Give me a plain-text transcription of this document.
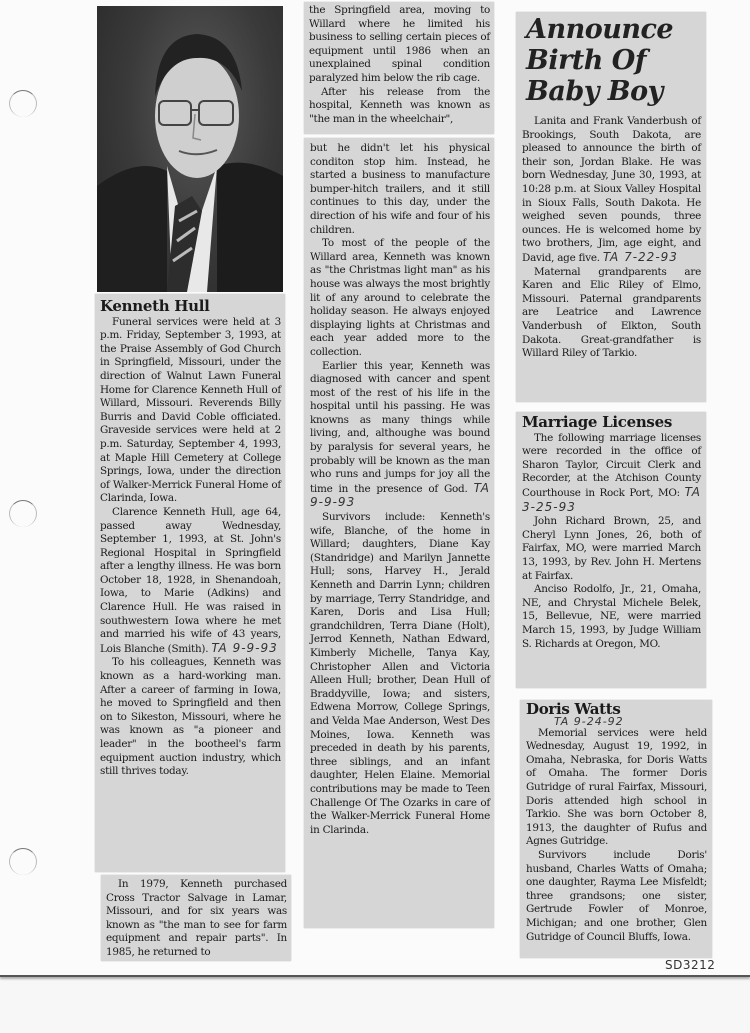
Kenneth Hull

Funeral services were held at 3 p.m. Friday, September 3, 1993, at the Praise Assembly of God Church in Springfield, Missouri, under the direction of Walnut Lawn Funeral Home for Clarence Kenneth Hull of Willard, Missouri. Reverends Billy Burris and David Coble officiated. Graveside services were held at 2 p.m. Saturday, September 4, 1993, at Maple Hill Cemetery at College Springs, Iowa, under the direction of Walker-Merrick Funeral Home of Clarinda, Iowa.

Clarence Kenneth Hull, age 64, passed away Wednesday, September 1, 1993, at St. John's Regional Hospital in Springfield after a lengthy illness. He was born October 18, 1928, in Shenandoah, Iowa, to Marie (Adkins) and Clarence Hull. He was raised in southwestern Iowa where he met and married his wife of 43 years, Lois Blanche (Smith). TA 9-9-93

To his colleagues, Kenneth was known as a hard-working man. After a career of farming in Iowa, he moved to Springfield and then on to Sikeston, Missouri, where he was known as "a pioneer and leader" in the bootheel's farm equipment auction industry, which still thrives today.

In 1979, Kenneth purchased Cross Tractor Salvage in Lamar, Missouri, and for six years was known as "the man to see for farm equipment and repair parts". In 1985, he returned to

the Springfield area, moving to Willard where he limited his business to selling certain pieces of equipment until 1986 when an unexplained spinal condition paralyzed him below the rib cage.

After his release from the hospital, Kenneth was known as "the man in the wheelchair",

but he didn't let his physical conditon stop him. Instead, he started a business to manufacture bumper-hitch trailers, and it still continues to this day, under the direction of his wife and four of his children.

To most of the people of the Willard area, Kenneth was known as "the Christmas light man" as his house was always the most brightly lit of any around to celebrate the holiday season. He always enjoyed displaying lights at Christmas and each year added more to the collection.

Earlier this year, Kenneth was diagnosed with cancer and spent most of the rest of his life in the hospital until his passing. He was knowns as many things while living, and, althoughe was bound by paralysis for several years, he probably will be known as the man who runs and jumps for joy all the time in the presence of God. TA 9-9-93

Survivors include: Kenneth's wife, Blanche, of the home in Willard; daughters, Diane Kay (Standridge) and Marilyn Jannette Hull; sons, Harvey H., Jerald Kenneth and Darrin Lynn; children by marriage, Terry Standridge, and Karen, Doris and Lisa Hull; grandchildren, Terra Diane (Holt), Jerrod Kenneth, Nathan Edward, Kimberly Michelle, Tanya Kay, Christopher Allen and Victoria Alleen Hull; brother, Dean Hull of Braddyville, Iowa; and sisters, Edwena Morrow, College Springs, and Velda Mae Anderson, West Des Moines, Iowa. Kenneth was preceded in death by his parents, three siblings, and an infant daughter, Helen Elaine. Memorial contributions may be made to Teen Challenge Of The Ozarks in care of the Walker-Merrick Funeral Home in Clarinda.

Announce Birth Of Baby Boy

Lanita and Frank Vanderbush of Brookings, South Dakota, are pleased to announce the birth of their son, Jordan Blake. He was born Wednesday, June 30, 1993, at 10:28 p.m. at Sioux Valley Hospital in Sioux Falls, South Dakota. He weighed seven pounds, three ounces. He is welcomed home by two brothers, Jim, age eight, and David, age five. TA 7-22-93

Maternal grandparents are Karen and Elic Riley of Elmo, Missouri. Paternal grandparents are Leatrice and Lawrence Vanderbush of Elkton, South Dakota. Great-grandfather is Willard Riley of Tarkio.

Marriage Licenses

The following marriage licenses were recorded in the office of Sharon Taylor, Circuit Clerk and Recorder, at the Atchison County Courthouse in Rock Port, MO: TA 3-25-93

John Richard Brown, 25, and Cheryl Lynn Jones, 26, both of Fairfax, MO, were married March 13, 1993, by Rev. John H. Mertens at Fairfax.

Anciso Rodolfo, Jr., 21, Omaha, NE, and Chrystal Michele Belek, 15, Bellevue, NE, were married March 15, 1993, by Judge William S. Richards at Oregon, MO.

Doris Watts
TA 9-24-92

Memorial services were held Wednesday, August 19, 1992, in Omaha, Nebraska, for Doris Watts of Omaha. The former Doris Gutridge of rural Fairfax, Missouri, Doris attended high school in Tarkio. She was born October 8, 1913, the daughter of Rufus and Agnes Gutridge.

Survivors include Doris' husband, Charles Watts of Omaha; one daughter, Rayma Lee Misfeldt; three grandsons; one sister, Gertrude Fowler of Monroe, Michigan; and one brother, Glen Gutridge of Council Bluffs, Iowa.

SD3212
